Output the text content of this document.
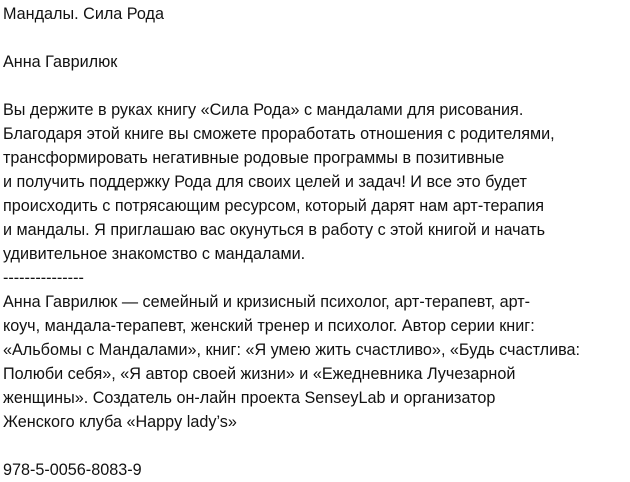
Мандалы. Сила Рода
Анна Гаврилюк
Вы держите в руках книгу «Сила Рода» с мандалами для рисования.
Благодаря этой книге вы сможете проработать отношения с родителями,
трансформировать негативные родовые программы в позитивные
и получить поддержку Рода для своих целей и задач! И все это будет
происходить с потрясающим ресурсом, который дарят нам арт-терапия
и мандалы. Я приглашаю вас окунуться в работу с этой книгой и начать
удивительное знакомство с мандалами.
---------------
Анна Гаврилюк — семейный и кризисный психолог, арт-терапевт, арт-
коуч, мандала-терапевт, женский тренер и психолог. Автор серии книг:
«Альбомы с Мандалами», книг: «Я умею жить счастливо», «Будь счастлива:
Полюби себя», «Я автор своей жизни» и «Ежедневника Лучезарной
женщины». Создатель он-лайн проекта SenseyLab и организатор
Женского клуба «Happy lady’s»
978-5-0056-8083-9
